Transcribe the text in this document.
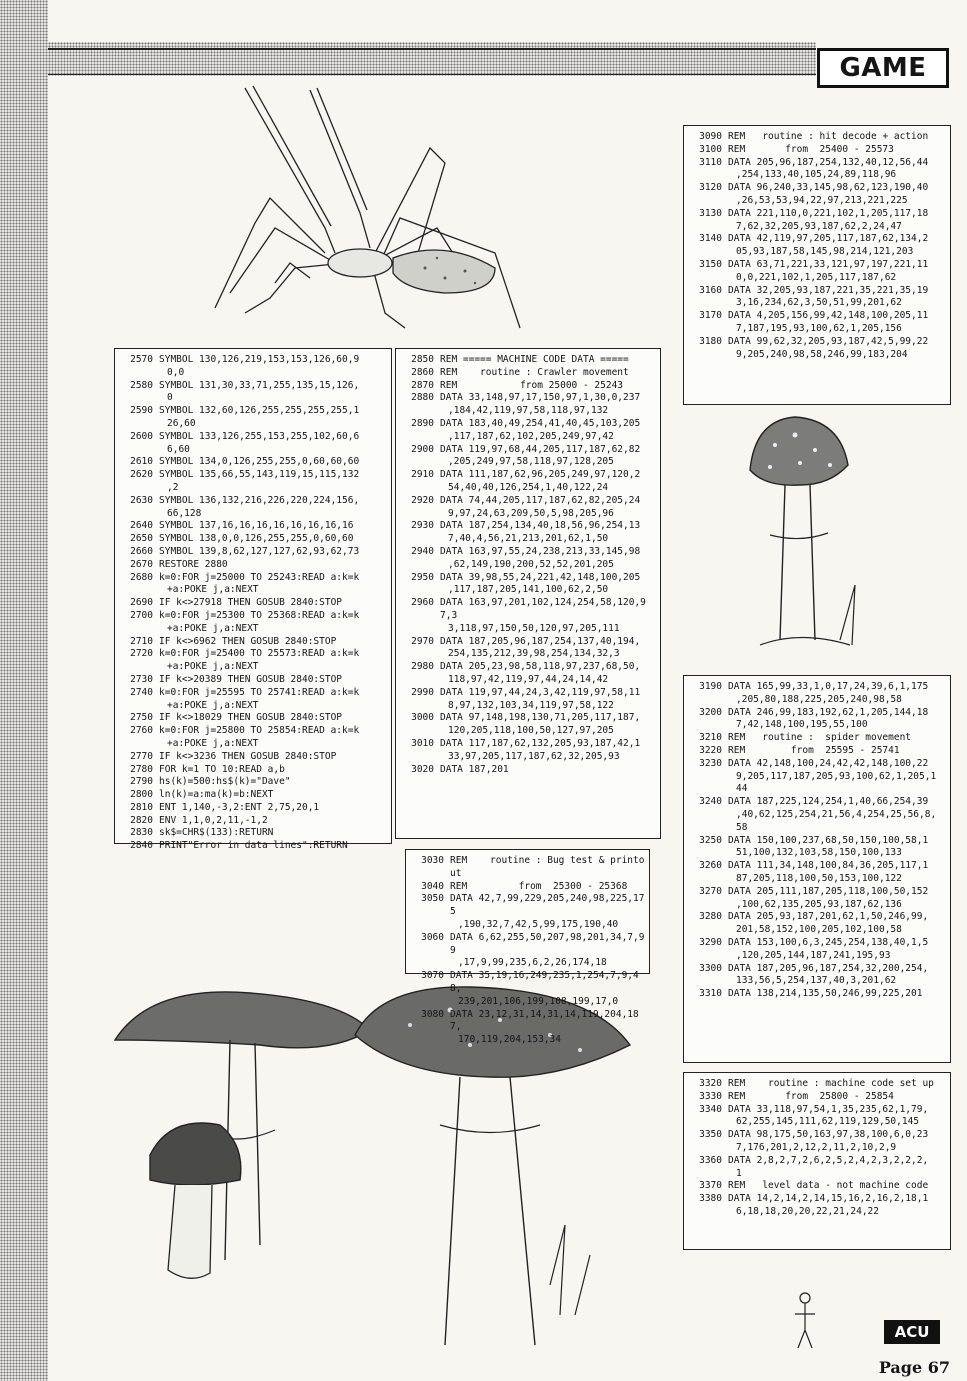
GAME
2570 SYMBOL 130,126,219,153,153,126,60,9
0,0
2580 SYMBOL 131,30,33,71,255,135,15,126,
0
2590 SYMBOL 132,60,126,255,255,255,255,1
26,60
2600 SYMBOL 133,126,255,153,255,102,60,6
6,60
2610 SYMBOL 134,0,126,255,255,0,60,60,60
2620 SYMBOL 135,66,55,143,119,15,115,132
,2
2630 SYMBOL 136,132,216,226,220,224,156,
66,128
2640 SYMBOL 137,16,16,16,16,16,16,16,16
2650 SYMBOL 138,0,0,126,255,255,0,60,60
2660 SYMBOL 139,8,62,127,127,62,93,62,73
2670 RESTORE 2880
2680 k=0:FOR j=25000 TO 25243:READ a:k=k
+a:POKE j,a:NEXT
2690 IF k<>27918 THEN GOSUB 2840:STOP
2700 k=0:FOR j=25300 TO 25368:READ a:k=k
+a:POKE j,a:NEXT
2710 IF k<>6962 THEN GOSUB 2840:STOP
2720 k=0:FOR j=25400 TO 25573:READ a:k=k
+a:POKE j,a:NEXT
2730 IF k<>20389 THEN GOSUB 2840:STOP
2740 k=0:FOR j=25595 TO 25741:READ a:k=k
+a:POKE j,a:NEXT
2750 IF k<>18029 THEN GOSUB 2840:STOP
2760 k=0:FOR j=25800 TO 25854:READ a:k=k
+a:POKE j,a:NEXT
2770 IF k<>3236 THEN GOSUB 2840:STOP
2780 FOR k=1 TO 10:READ a,b
2790 hs(k)=500:hs$(k)="Dave"
2800 ln(k)=a:ma(k)=b:NEXT
2810 ENT 1,140,-3,2:ENT 2,75,20,1
2820 ENV 1,1,0,2,11,-1,2
2830 sk$=CHR$(133):RETURN
2840 PRINT"Error in data lines":RETURN
2850 REM ===== MACHINE CODE DATA =====
2860 REM    routine : Crawler movement
2870 REM           from 25000 - 25243
2880 DATA 33,148,97,17,150,97,1,30,0,237
,184,42,119,97,58,118,97,132
2890 DATA 183,40,49,254,41,40,45,103,205
,117,187,62,102,205,249,97,42
2900 DATA 119,97,68,44,205,117,187,62,82
,205,249,97,58,118,97,128,205
2910 DATA 111,187,62,96,205,249,97,120,2
54,40,40,126,254,1,40,122,24
2920 DATA 74,44,205,117,187,62,82,205,24
9,97,24,63,209,50,5,98,205,96
2930 DATA 187,254,134,40,18,56,96,254,13
7,40,4,56,21,213,201,62,1,50
2940 DATA 163,97,55,24,238,213,33,145,98
,62,149,190,200,52,52,201,205
2950 DATA 39,98,55,24,221,42,148,100,205
,117,187,205,141,100,62,2,50
2960 DATA 163,97,201,102,124,254,58,120,97,3
3,118,97,150,50,120,97,205,111
2970 DATA 187,205,96,187,254,137,40,194,
254,135,212,39,98,254,134,32,3
2980 DATA 205,23,98,58,118,97,237,68,50,
118,97,42,119,97,44,24,14,42
2990 DATA 119,97,44,24,3,42,119,97,58,11
8,97,132,103,34,119,97,58,122
3000 DATA 97,148,198,130,71,205,117,187,
120,205,118,100,50,127,97,205
3010 DATA 117,187,62,132,205,93,187,42,1
33,97,205,117,187,62,32,205,93
3020 DATA 187,201
3030 REM    routine : Bug test & printout
3040 REM         from  25300 - 25368
3050 DATA 42,7,99,229,205,240,98,225,175
,190,32,7,42,5,99,175,190,40
3060 DATA 6,62,255,50,207,98,201,34,7,99
,17,9,99,235,6,2,26,174,18
3070 DATA 35,19,16,249,235,1,254,7,9,48,
239,201,106,199,108,199,17,0
3080 DATA 23,12,31,14,31,14,119,204,187,
170,119,204,153,34
3090 REM   routine : hit decode + action
3100 REM       from  25400 - 25573
3110 DATA 205,96,187,254,132,40,12,56,44
,254,133,40,105,24,89,118,96
3120 DATA 96,240,33,145,98,62,123,190,40
,26,53,53,94,22,97,213,221,225
3130 DATA 221,110,0,221,102,1,205,117,18
7,62,32,205,93,187,62,2,24,47
3140 DATA 42,119,97,205,117,187,62,134,2
05,93,187,58,145,98,214,121,203
3150 DATA 63,71,221,33,121,97,197,221,11
0,0,221,102,1,205,117,187,62
3160 DATA 32,205,93,187,221,35,221,35,19
3,16,234,62,3,50,51,99,201,62
3170 DATA 4,205,156,99,42,148,100,205,11
7,187,195,93,100,62,1,205,156
3180 DATA 99,62,32,205,93,187,42,5,99,22
9,205,240,98,58,246,99,183,204
3190 DATA 165,99,33,1,0,17,24,39,6,1,175
,205,80,188,225,205,240,98,58
3200 DATA 246,99,183,192,62,1,205,144,18
7,42,148,100,195,55,100
3210 REM   routine :  spider movement
3220 REM        from  25595 - 25741
3230 DATA 42,148,100,24,42,42,148,100,22
9,205,117,187,205,93,100,62,1,205,1
44
3240 DATA 187,225,124,254,1,40,66,254,39
,40,62,125,254,21,56,4,254,25,56,8,
58
3250 DATA 150,100,237,68,50,150,100,58,1
51,100,132,103,58,150,100,133
3260 DATA 111,34,148,100,84,36,205,117,1
87,205,118,100,50,153,100,122
3270 DATA 205,111,187,205,118,100,50,152
,100,62,135,205,93,187,62,136
3280 DATA 205,93,187,201,62,1,50,246,99,
201,58,152,100,205,102,100,58
3290 DATA 153,100,6,3,245,254,138,40,1,5
,120,205,144,187,241,195,93
3300 DATA 187,205,96,187,254,32,200,254,
133,56,5,254,137,40,3,201,62
3310 DATA 138,214,135,50,246,99,225,201
3320 REM    routine : machine code set up
3330 REM       from  25800 - 25854
3340 DATA 33,118,97,54,1,35,235,62,1,79,
62,255,145,111,62,119,129,50,145
3350 DATA 98,175,50,163,97,38,100,6,0,23
7,176,201,2,12,2,11,2,10,2,9
3360 DATA 2,8,2,7,2,6,2,5,2,4,2,3,2,2,2,
1
3370 REM   level data - not machine code
3380 DATA 14,2,14,2,14,15,16,2,16,2,18,1
6,18,18,20,20,22,21,24,22
ACU
Page 67
